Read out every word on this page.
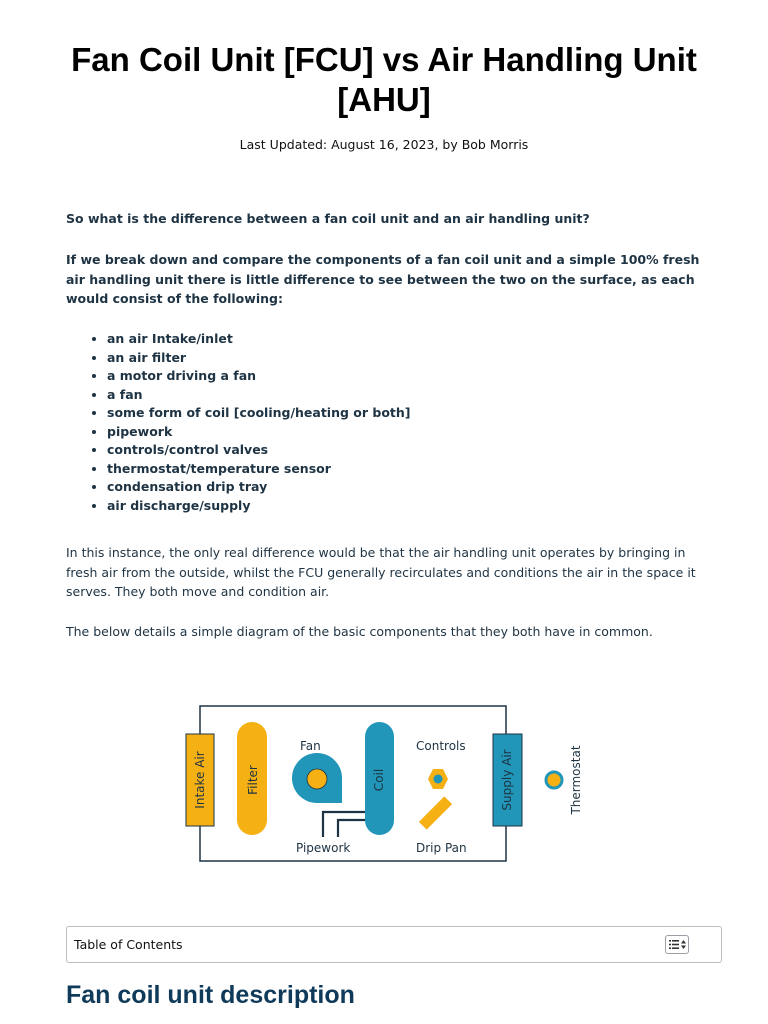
Fan Coil Unit [FCU] vs Air Handling Unit [AHU]
Last Updated: August 16, 2023, by Bob Morris

So what is the difference between a fan coil unit and an air handling unit?

If we break down and compare the components of a fan coil unit and a simple 100% fresh air handling unit there is little difference to see between the two on the surface, as each would consist of the following:

• an air Intake/inlet
• an air filter
• a motor driving a fan
• a fan
• some form of coil [cooling/heating or both]
• pipework
• controls/control valves
• thermostat/temperature sensor
• condensation drip tray
• air discharge/supply

In this instance, the only real difference would be that the air handling unit operates by bringing in fresh air from the outside, whilst the FCU generally recirculates and conditions the air in the space it serves. They both move and condition air.

The below details a simple diagram of the basic components that they both have in common.

Intake Air	Filter
Fan
Coil
Pipework
Controls
Drip Pan
Supply Air	Thermostat
Table of Contents
Fan coil unit description
